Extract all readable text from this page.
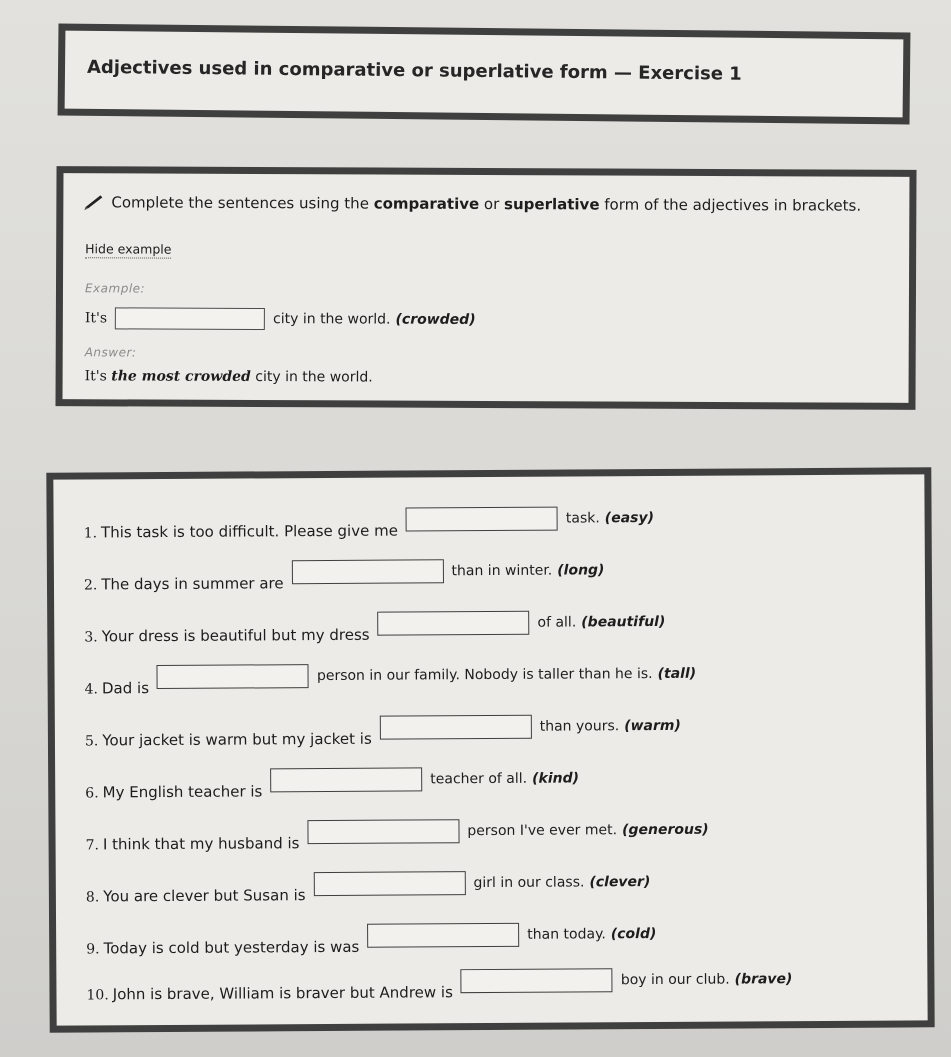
Adjectives used in comparative or superlative form — Exercise 1
Complete the sentences using the comparative or superlative form of the adjectives in brackets.
Hide example
Example:
It's	city in the world. (crowded)
Answer:
It's the most crowded city in the world.
1. This task is too difficult. Please give me
task. (easy)
2. The days in summer are
than in winter. (long)
3. Your dress is beautiful but my dress
of all. (beautiful)
4. Dad is
person in our family. Nobody is taller than he is. (tall)
5. Your jacket is warm but my jacket is
than yours. (warm)
6. My English teacher is
teacher of all. (kind)
7. I think that my husband is
person I've ever met. (generous)
8. You are clever but Susan is
girl in our class. (clever)
9. Today is cold but yesterday is was
than today. (cold)
10. John is brave, William is braver but Andrew is
boy in our club. (brave)
